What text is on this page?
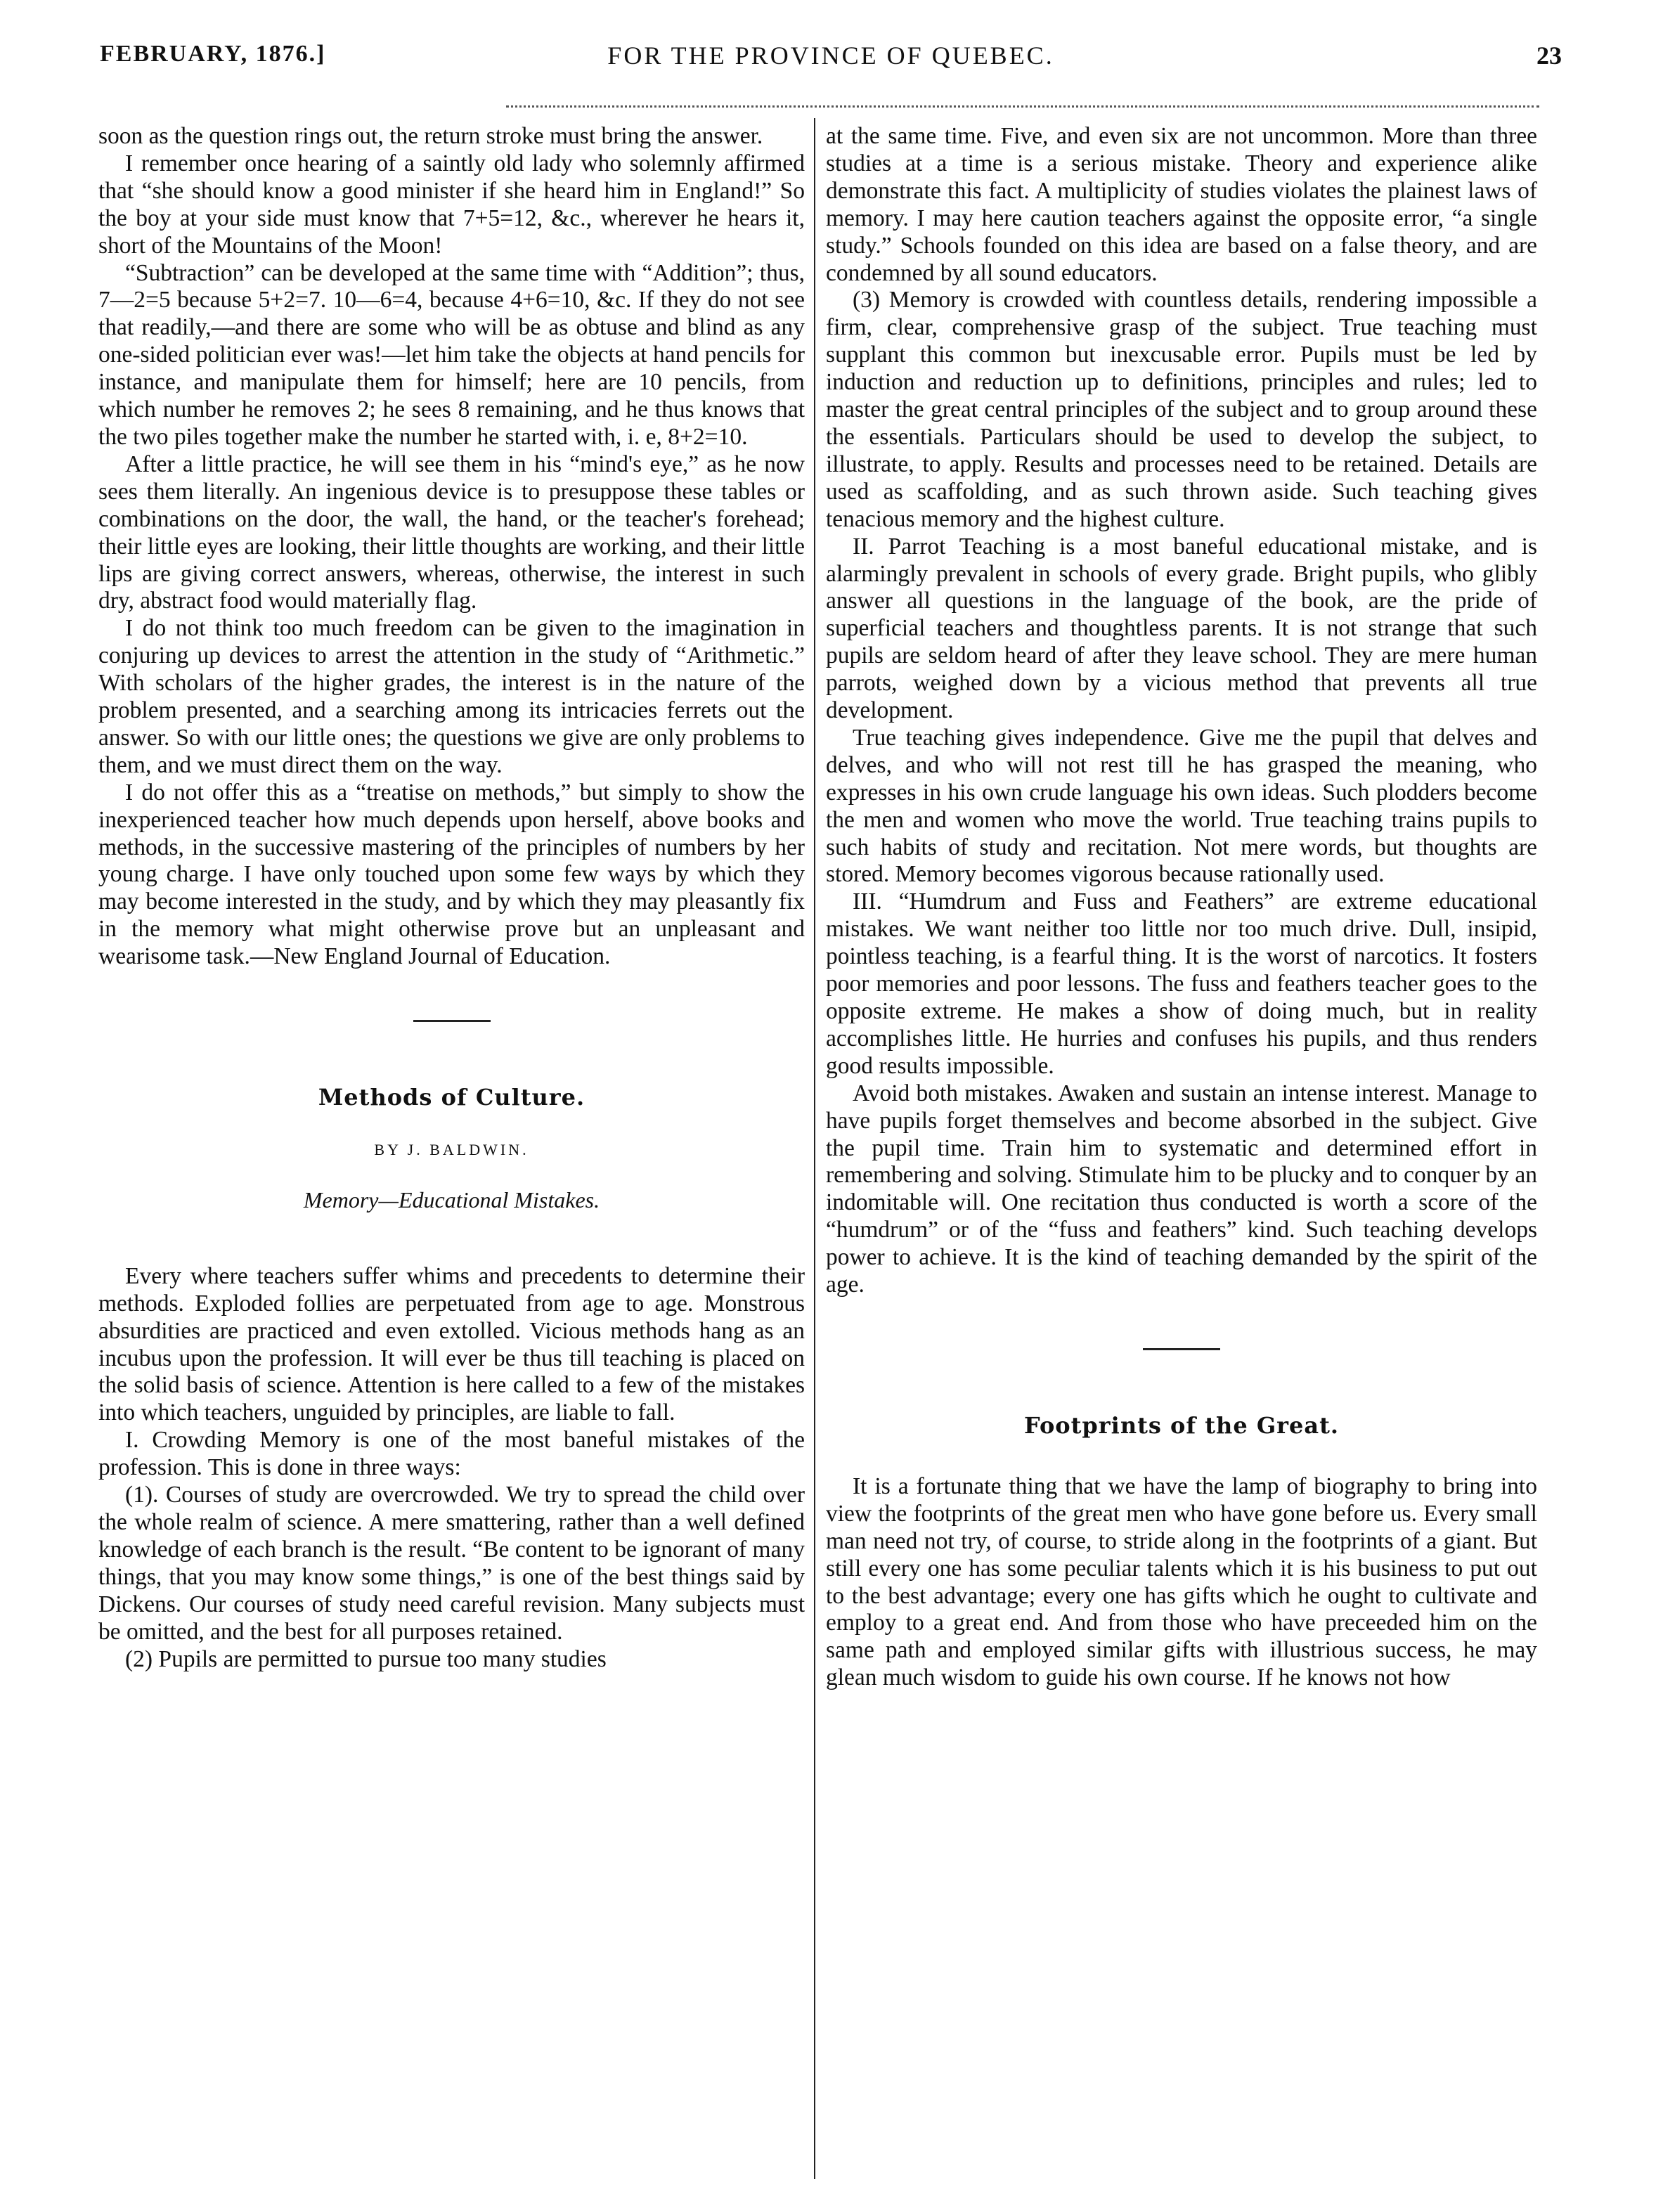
FEBRUARY, 1876.]	FOR THE PROVINCE OF QUEBEC.	23

soon as the question rings out, the return stroke must bring the answer.

I remember once hearing of a saintly old lady who solemnly affirmed that “she should know a good minister if she heard him in England!” So the boy at your side must know that 7+5=12, &c., wherever he hears it, short of the Mountains of the Moon!

“Subtraction” can be developed at the same time with “Addition”; thus, 7—2=5 because 5+2=7. 10—6=4, because 4+6=10, &c. If they do not see that readily,—and there are some who will be as obtuse and blind as any one-sided politician ever was!—let him take the objects at hand pencils for instance, and manipulate them for himself; here are 10 pencils, from which number he removes 2; he sees 8 remaining, and he thus knows that the two piles together make the number he started with, i. e, 8+2=10.

After a little practice, he will see them in his “mind's eye,” as he now sees them literally. An ingenious device is to presuppose these tables or combinations on the door, the wall, the hand, or the teacher's forehead; their little eyes are looking, their little thoughts are working, and their little lips are giving correct answers, whereas, otherwise, the interest in such dry, abstract food would materially flag.

I do not think too much freedom can be given to the imagination in conjuring up devices to arrest the attention in the study of “Arithmetic.” With scholars of the higher grades, the interest is in the nature of the problem presented, and a searching among its intricacies ferrets out the answer. So with our little ones; the questions we give are only problems to them, and we must direct them on the way.

I do not offer this as a “treatise on methods,” but simply to show the inexperienced teacher how much depends upon herself, above books and methods, in the successive mastering of the principles of numbers by her young charge. I have only touched upon some few ways by which they may become interested in the study, and by which they may pleasantly fix in the memory what might otherwise prove but an unpleasant and wearisome task.—New England Journal of Education.

Methods of Culture.
BY J. BALDWIN.
Memory—Educational Mistakes.

Every where teachers suffer whims and precedents to determine their methods. Exploded follies are perpetuated from age to age. Monstrous absurdities are practiced and even extolled. Vicious methods hang as an incubus upon the profession. It will ever be thus till teaching is placed on the solid basis of science. Attention is here called to a few of the mistakes into which teachers, unguided by principles, are liable to fall.

I. Crowding Memory is one of the most baneful mistakes of the profession. This is done in three ways:

(1). Courses of study are overcrowded. We try to spread the child over the whole realm of science. A mere smattering, rather than a well defined knowledge of each branch is the result. “Be content to be ignorant of many things, that you may know some things,” is one of the best things said by Dickens. Our courses of study need careful revision. Many subjects must be omitted, and the best for all purposes retained.

(2) Pupils are permitted to pursue too many studies

at the same time. Five, and even six are not uncommon. More than three studies at a time is a serious mistake. Theory and experience alike demonstrate this fact. A multiplicity of studies violates the plainest laws of memory. I may here caution teachers against the opposite error, “a single study.” Schools founded on this idea are based on a false theory, and are condemned by all sound educators.

(3) Memory is crowded with countless details, rendering impossible a firm, clear, comprehensive grasp of the subject. True teaching must supplant this common but inexcusable error. Pupils must be led by induction and reduction up to definitions, principles and rules; led to master the great central principles of the subject and to group around these the essentials. Particulars should be used to develop the subject, to illustrate, to apply. Results and processes need to be retained. Details are used as scaffolding, and as such thrown aside. Such teaching gives tenacious memory and the highest culture.

II. Parrot Teaching is a most baneful educational mistake, and is alarmingly prevalent in schools of every grade. Bright pupils, who glibly answer all questions in the language of the book, are the pride of superficial teachers and thoughtless parents. It is not strange that such pupils are seldom heard of after they leave school. They are mere human parrots, weighed down by a vicious method that prevents all true development.

True teaching gives independence. Give me the pupil that delves and delves, and who will not rest till he has grasped the meaning, who expresses in his own crude language his own ideas. Such plodders become the men and women who move the world. True teaching trains pupils to such habits of study and recitation. Not mere words, but thoughts are stored. Memory becomes vigorous because rationally used.

III. “Humdrum and Fuss and Feathers” are extreme educational mistakes. We want neither too little nor too much drive. Dull, insipid, pointless teaching, is a fearful thing. It is the worst of narcotics. It fosters poor memories and poor lessons. The fuss and feathers teacher goes to the opposite extreme. He makes a show of doing much, but in reality accomplishes little. He hurries and confuses his pupils, and thus renders good results impossible.

Avoid both mistakes. Awaken and sustain an intense interest. Manage to have pupils forget themselves and become absorbed in the subject. Give the pupil time. Train him to systematic and determined effort in remembering and solving. Stimulate him to be plucky and to conquer by an indomitable will. One recitation thus conducted is worth a score of the “humdrum” or of the “fuss and feathers” kind. Such teaching develops power to achieve. It is the kind of teaching demanded by the spirit of the age.

Footprints of the Great.

It is a fortunate thing that we have the lamp of biography to bring into view the footprints of the great men who have gone before us. Every small man need not try, of course, to stride along in the footprints of a giant. But still every one has some peculiar talents which it is his business to put out to the best advantage; every one has gifts which he ought to cultivate and employ to a great end. And from those who have preceeded him on the same path and employed similar gifts with illustrious success, he may glean much wisdom to guide his own course. If he knows not how
